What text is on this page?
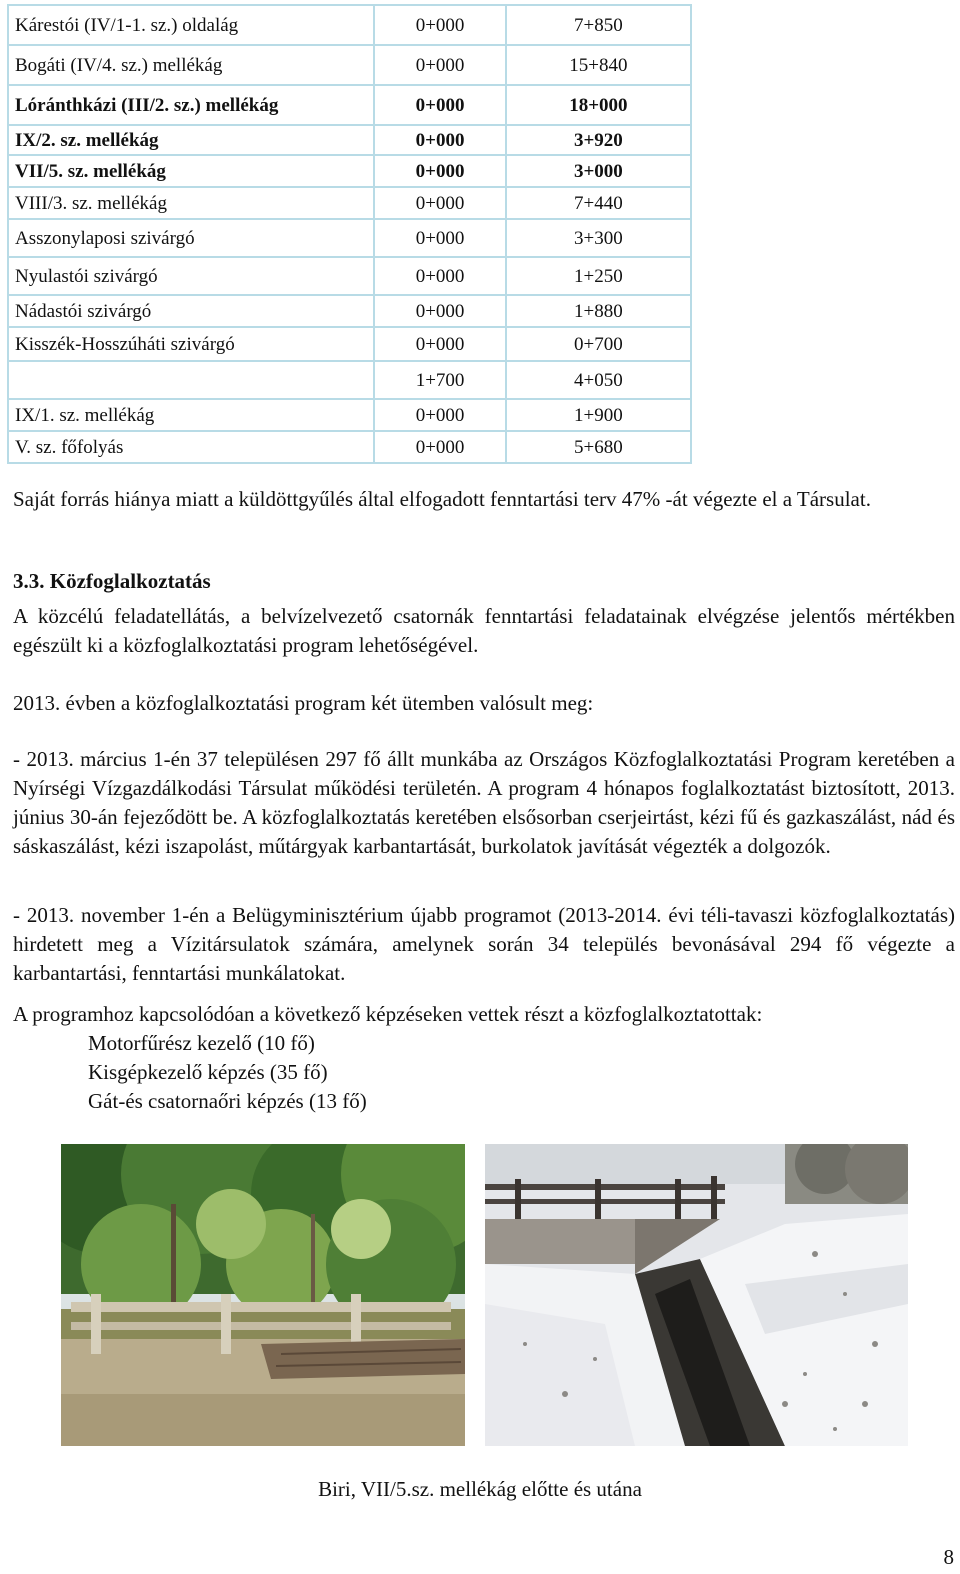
Kárestói (IV/1-1. sz.) oldalág	0+000	7+850
Bogáti (IV/4. sz.) mellékág	0+000	15+840
Lóránthkázi (III/2. sz.) mellékág	0+000	18+000
IX/2. sz. mellékág	0+000	3+920
VII/5. sz. mellékág	0+000	3+000
VIII/3. sz. mellékág	0+000	7+440
Asszonylaposi szivárgó	0+000	3+300
Nyulastói szivárgó	0+000	1+250
Nádastói szivárgó	0+000	1+880
Kisszék-Hosszúháti szivárgó	0+000	0+700
	1+700	4+050
IX/1. sz. mellékág	0+000	1+900
V. sz. főfolyás	0+000	5+680
Saját forrás hiánya miatt a küldöttgyűlés által elfogadott fenntartási terv 47% -át végezte el a Társulat.
3.3. Közfoglalkoztatás
A közcélú feladatellátás, a belvízelvezető csatornák fenntartási feladatainak elvégzése jelentős mértékben egészült ki a közfoglalkoztatási program lehetőségével.
2013. évben a közfoglalkoztatási program két ütemben valósult meg:
- 2013. március 1-én 37 településen 297 fő állt munkába az Országos Közfoglalkoztatási Program keretében a Nyírségi Vízgazdálkodási Társulat működési területén. A program 4 hónapos foglalkoztatást biztosított, 2013. június 30-án fejeződött be. A közfoglalkoztatás keretében elsősorban cserjeirtást, kézi fű és gazkaszálást, nád és sáskaszálást, kézi iszapolást, műtárgyak karbantartását, burkolatok javítását végezték a dolgozók.
- 2013. november 1-én a Belügyminisztérium újabb programot (2013-2014. évi téli-tavaszi közfoglalkoztatás) hirdetett meg a Vízitársulatok számára, amelynek során 34 település bevonásával 294 fő végezte a karbantartási, fenntartási munkálatokat.
A programhoz kapcsolódóan a következő képzéseken vettek részt a közfoglalkoztatottak:
Motorfűrész kezelő (10 fő)
Kisgépkezelő képzés (35 fő)
Gát-és csatornaőri képzés (13 fő)
Biri, VII/5.sz. mellékág előtte és utána
8
